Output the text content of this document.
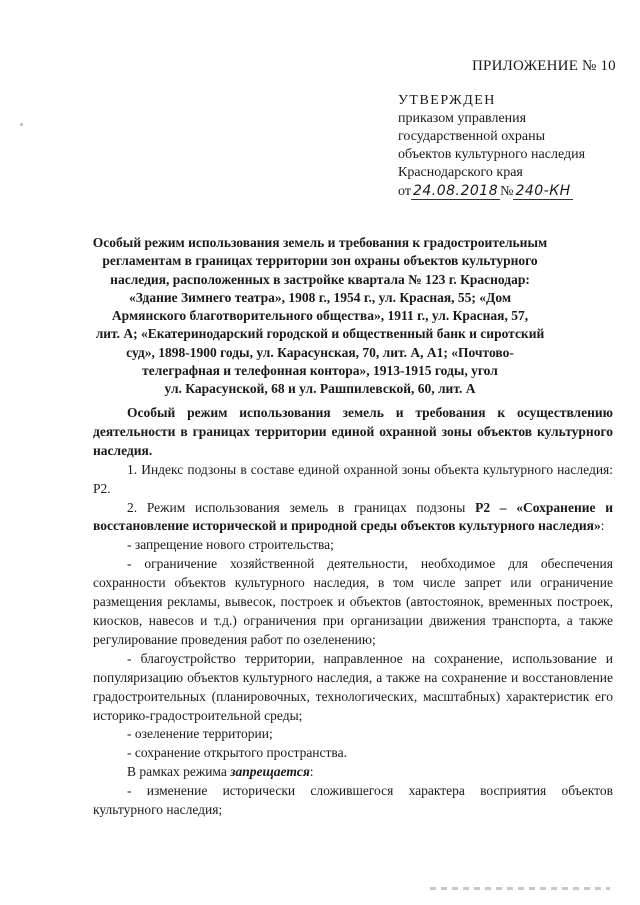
ПРИЛОЖЕНИЕ № 10
УТВЕРЖДЕН
приказом управления
государственной охраны
объектов культурного наследия
Краснодарского края
от 24.08.2018 № 240-КН
Особый режим использования земель и требования к градостроительным
регламентам в границах территории зон охраны объектов культурного
наследия, расположенных в застройке квартала № 123 г. Краснодар:
«Здание Зимнего театра», 1908 г., 1954 г., ул. Красная, 55; «Дом
Армянского благотворительного общества», 1911 г., ул. Красная, 57,
лит. А; «Екатеринодарский городской и общественный банк и сиротский
суд», 1898-1900 годы, ул. Карасунская, 70, лит. А, А1; «Почтово-
телеграфная и телефонная контора», 1913-1915 годы, угол
ул. Карасунской, 68 и ул. Рашпилевской, 60, лит. А

Особый режим использования земель и требования к осуществлению деятельности в границах территории единой охранной зоны объектов культурного наследия.

1. Индекс подзоны в составе единой охранной зоны объекта культурного наследия: Р2.

2. Режим использования земель в границах подзоны Р2 – «Сохранение и восстановление исторической и природной среды объектов культурного наследия»:

- запрещение нового строительства;

- ограничение хозяйственной деятельности, необходимое для обеспечения сохранности объектов культурного наследия, в том числе запрет или ограничение размещения рекламы, вывесок, построек и объектов (автостоянок, временных построек, киосков, навесов и т.д.) ограничения при организации движения транспорта, а также регулирование проведения работ по озеленению;

- благоустройство территории, направленное на сохранение, использование и популяризацию объектов культурного наследия, а также на сохранение и восстановление градостроительных (планировочных, технологических, масштабных) характеристик его историко-градостроительной среды;

- озеленение территории;

- сохранение открытого пространства.

В рамках режима запрещается:

- изменение исторически сложившегося характера восприятия объектов культурного наследия;
